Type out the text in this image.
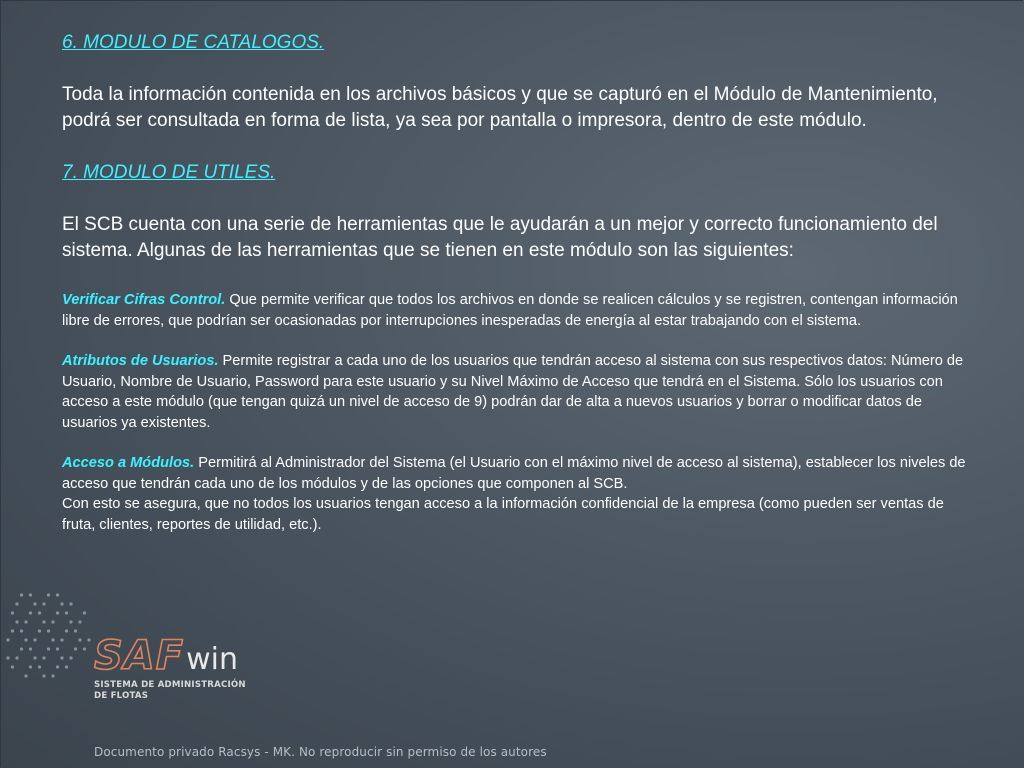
6. MODULO DE CATALOGOS.

Toda la información contenida en los archivos básicos y que se capturó en el Módulo de Mantenimiento, podrá ser consultada en forma de lista, ya sea por pantalla o impresora, dentro de este módulo.

7. MODULO DE UTILES.

El SCB cuenta con una serie de herramientas que le ayudarán a un mejor y correcto funcionamiento del sistema. Algunas de las herramientas que se tienen en este módulo son las siguientes:

Verificar Cifras Control. Que permite verificar que todos los archivos en donde se realicen cálculos y se registren, contengan información libre de errores, que podrían ser ocasionadas por interrupciones inesperadas de energía al estar trabajando con el sistema.

Atributos de Usuarios. Permite registrar a cada uno de los usuarios que tendrán acceso al sistema con sus respectivos datos: Número de Usuario, Nombre de Usuario, Password para este usuario y su Nivel Máximo de Acceso que tendrá en el Sistema. Sólo los usuarios con acceso a este módulo (que tengan quizá un nivel de acceso de 9) podrán dar de alta a nuevos usuarios y borrar o modificar datos de usuarios ya existentes.

Acceso a Módulos. Permitirá al Administrador del Sistema (el Usuario con el máximo nivel de acceso al sistema), establecer los niveles de acceso que tendrán cada uno de los módulos y de las opciones que componen al SCB.
Con esto se asegura, que no todos los usuarios tengan acceso a la información confidencial de la empresa (como pueden ser ventas de fruta, clientes, reportes de utilidad, etc.).

SAF win
SISTEMA DE ADMINISTRACIÓN
DE FLOTAS
Documento privado Racsys - MK. No reproducir sin permiso de los autores
